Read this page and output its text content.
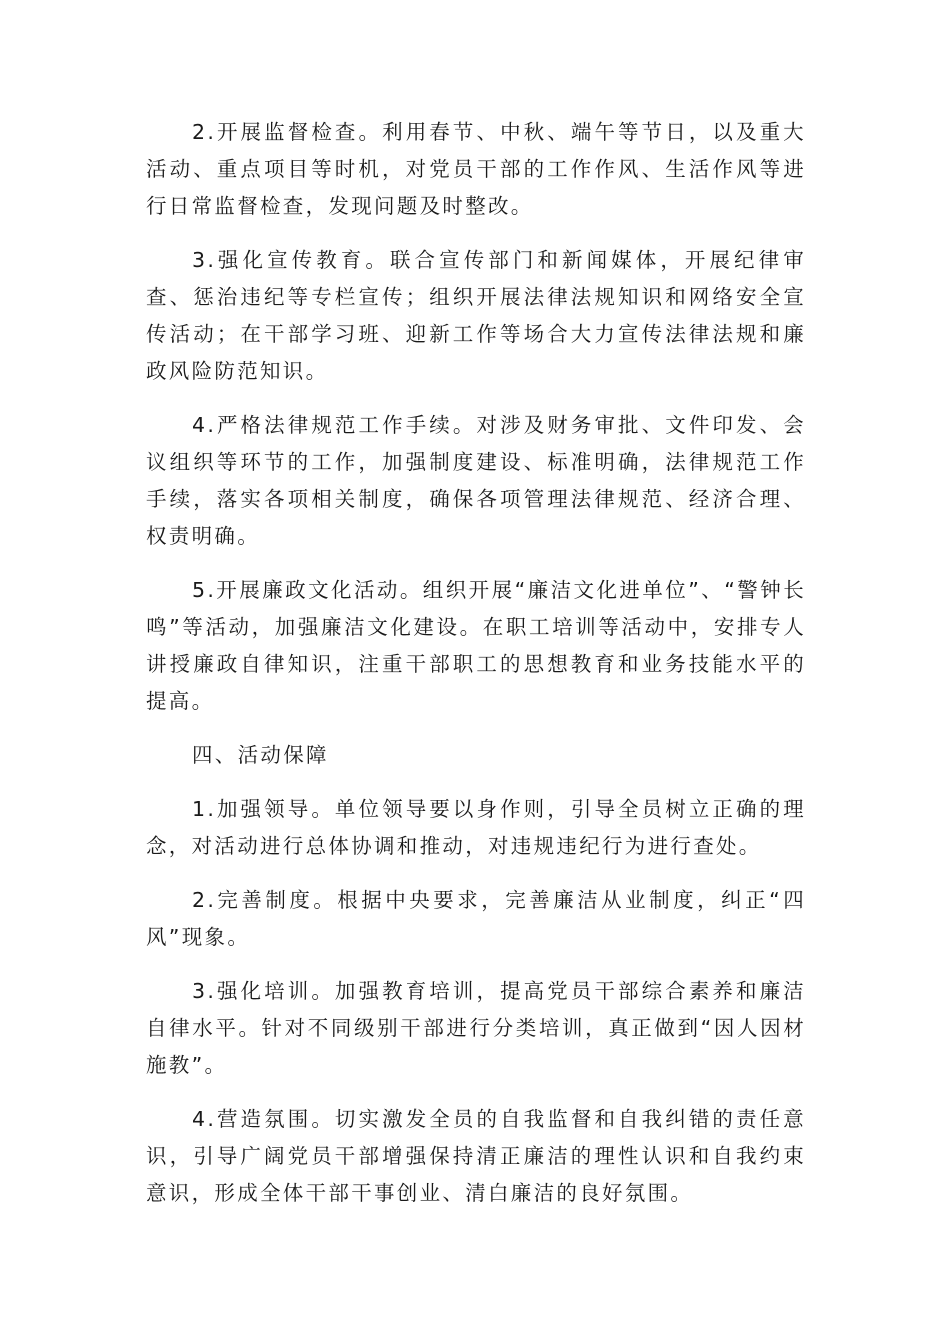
2.开展监督检查。利用春节、中秋、端午等节日，以及重大活动、重点项目等时机，对党员干部的工作作风、生活作风等进行日常监督检查，发现问题及时整改。

3.强化宣传教育。联合宣传部门和新闻媒体，开展纪律审查、惩治违纪等专栏宣传；组织开展法律法规知识和网络安全宣传活动；在干部学习班、迎新工作等场合大力宣传法律法规和廉政风险防范知识。

4.严格法律规范工作手续。对涉及财务审批、文件印发、会议组织等环节的工作，加强制度建设、标准明确，法律规范工作手续，落实各项相关制度，确保各项管理法律规范、经济合理、权责明确。

5.开展廉政文化活动。组织开展“廉洁文化进单位”、“警钟长鸣”等活动，加强廉洁文化建设。在职工培训等活动中，安排专人讲授廉政自律知识，注重干部职工的思想教育和业务技能水平的提高。

四、活动保障

1.加强领导。单位领导要以身作则，引导全员树立正确的理念，对活动进行总体协调和推动，对违规违纪行为进行查处。

2.完善制度。根据中央要求，完善廉洁从业制度，纠正“四风”现象。

3.强化培训。加强教育培训，提高党员干部综合素养和廉洁自律水平。针对不同级别干部进行分类培训，真正做到“因人因材施教”。

4.营造氛围。切实激发全员的自我监督和自我纠错的责任意识，引导广阔党员干部增强保持清正廉洁的理性认识和自我约束意识，形成全体干部干事创业、清白廉洁的良好氛围。
